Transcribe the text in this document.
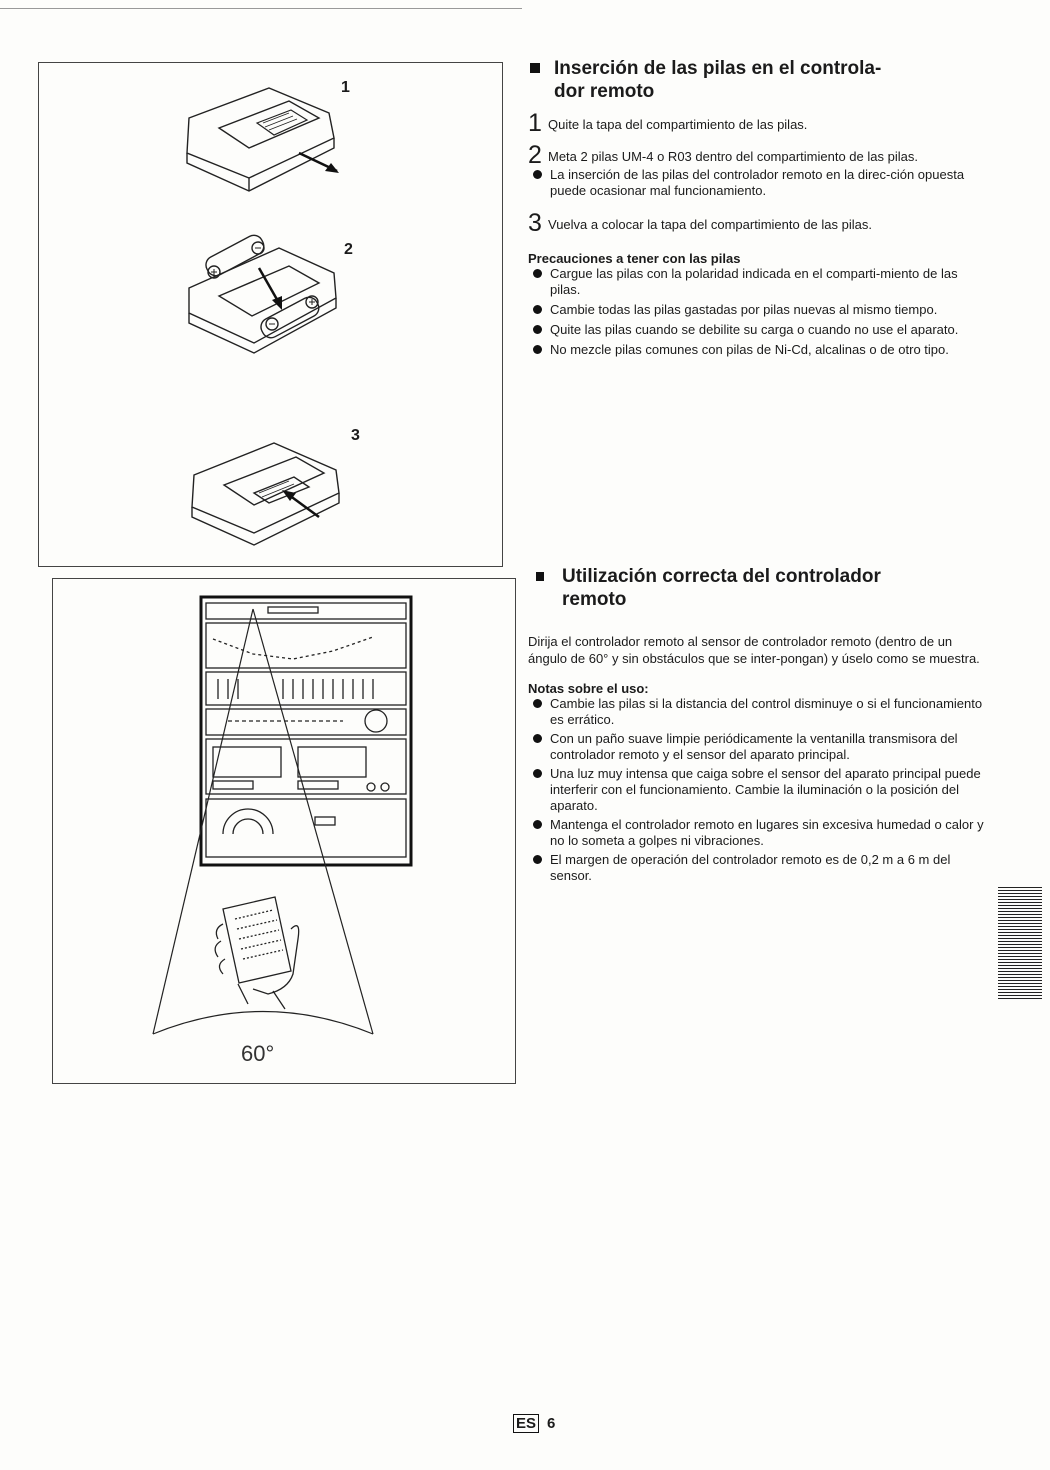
1
2
3
60°
Inserción de las pilas en el controla-
dor remoto
1 Quite la tapa del compartimiento de las pilas.
2 Meta 2 pilas UM-4 o R03 dentro del compartimiento de las pilas.
La inserción de las pilas del controlador remoto en la direc-ción opuesta puede ocasionar mal funcionamiento.
3 Vuelva a colocar la tapa del compartimiento de las pilas.
Precauciones a tener con las pilas
Cargue las pilas con la polaridad indicada en el comparti-miento de las pilas.
Cambie todas las pilas gastadas por pilas nuevas al mismo tiempo.
Quite las pilas cuando se debilite su carga o cuando no use el aparato.
No mezcle pilas comunes con pilas de Ni-Cd, alcalinas o de otro tipo.
Utilización correcta del controlador
remoto
Dirija el controlador remoto al sensor de controlador remoto (dentro de un ángulo de 60° y sin obstáculos que se inter-pongan) y úselo como se muestra.
Notas sobre el uso:
Cambie las pilas si la distancia del control disminuye o si el funcionamiento es errático.
Con un paño suave limpie periódicamente la ventanilla transmisora del controlador remoto y el sensor del aparato principal.
Una luz muy intensa que caiga sobre el sensor del aparato principal puede interferir con el funcionamiento. Cambie la iluminación o la posición del aparato.
Mantenga el controlador remoto en lugares sin excesiva humedad o calor y no lo someta a golpes ni vibraciones.
El margen de operación del controlador remoto es de 0,2 m a 6 m del sensor.
ES 6
